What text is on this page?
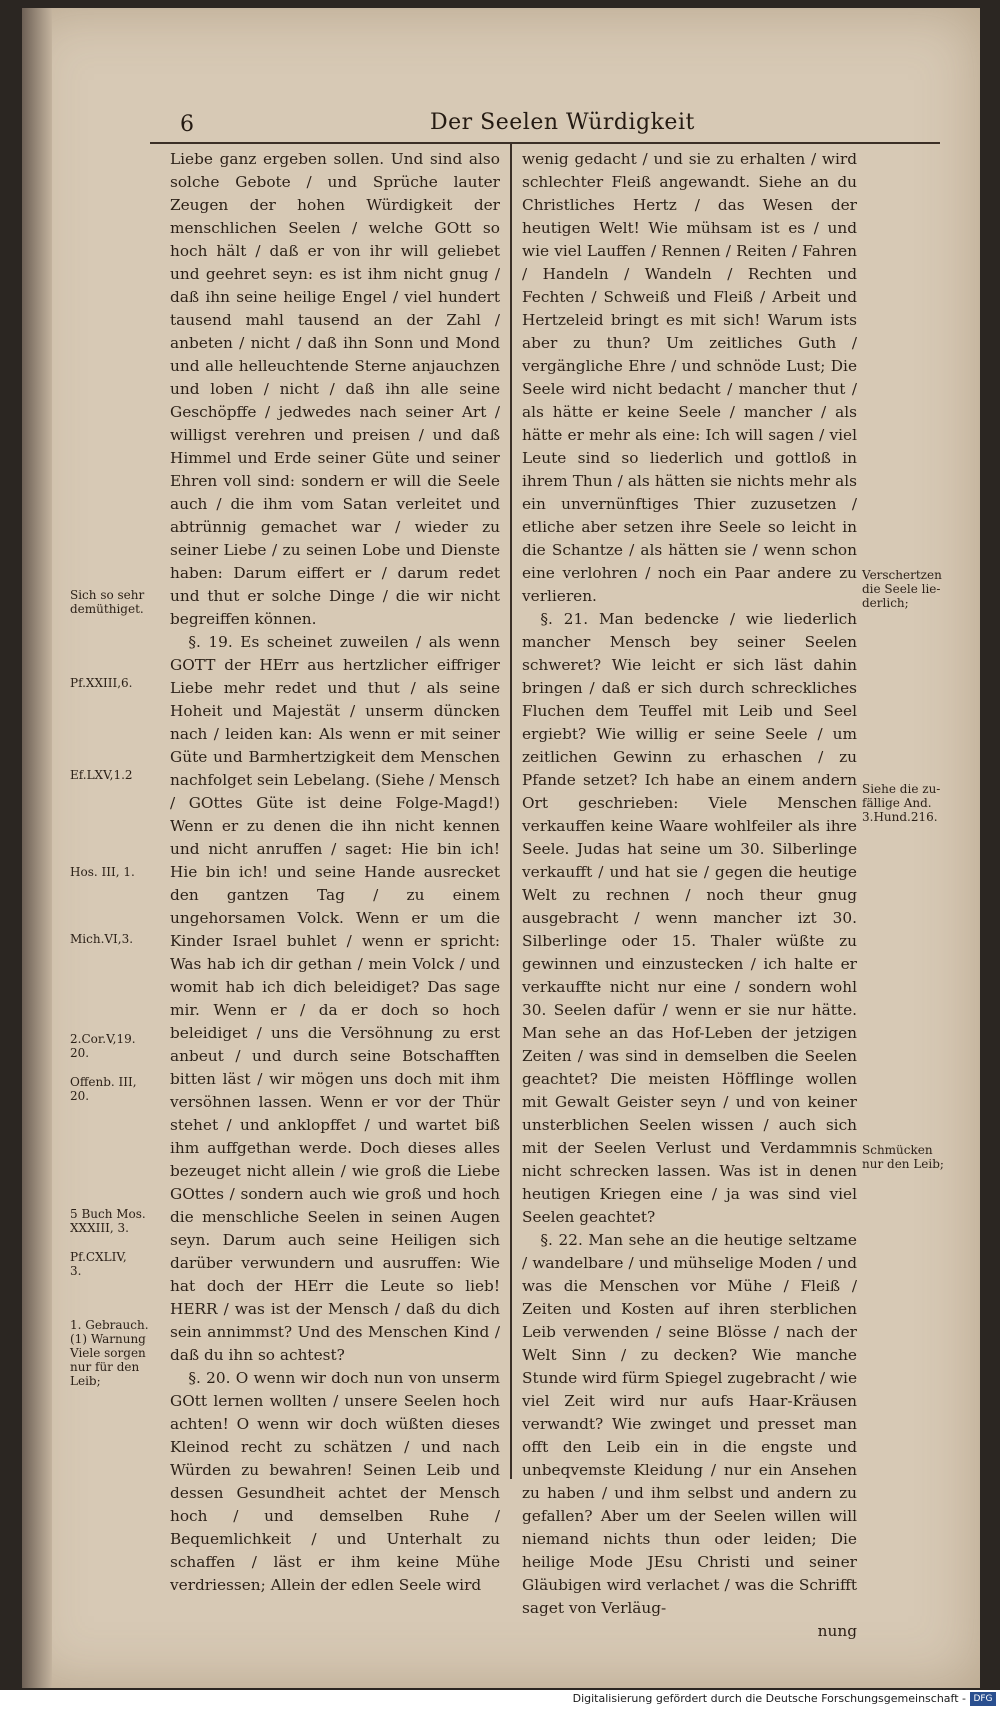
6	Der Seelen Würdigkeit

Liebe ganz ergeben sollen. Und sind also solche Gebote / und Sprüche lauter Zeugen der hohen Würdigkeit der menschlichen Seelen / welche GOtt so hoch hält / daß er von ihr will geliebet und geehret seyn: es ist ihm nicht gnug / daß ihn seine heilige Engel / viel hundert tausend mahl tausend an der Zahl / anbeten / nicht / daß ihn Sonn und Mond und alle helleuchtende Sterne anjauchzen und loben / nicht / daß ihn alle seine Geschöpffe / jedwedes nach seiner Art / willigst verehren und preisen / und daß Himmel und Erde seiner Güte und seiner Ehren voll sind: sondern er will die Seele auch / die ihm vom Satan verleitet und abtrünnig gemachet war / wieder zu seiner Liebe / zu seinen Lobe und Dienste haben: Darum eiffert er / darum redet und thut er solche Dinge / die wir nicht begreiffen können.

§. 19. Es scheinet zuweilen / als wenn GOTT der HErr aus hertzlicher eiffriger Liebe mehr redet und thut / als seine Hoheit und Majestät / unserm düncken nach / leiden kan: Als wenn er mit seiner Güte und Barmhertzigkeit dem Menschen nachfolget sein Lebelang. (Siehe / Mensch / GOttes Güte ist deine Folge-Magd!) Wenn er zu denen die ihn nicht kennen und nicht anruffen / saget: Hie bin ich! Hie bin ich! und seine Hande ausrecket den gantzen Tag / zu einem ungehorsamen Volck. Wenn er um die Kinder Israel buhlet / wenn er spricht: Was hab ich dir gethan / mein Volck / und womit hab ich dich beleidiget? Das sage mir. Wenn er / da er doch so hoch beleidiget / uns die Versöhnung zu erst anbeut / und durch seine Botschafften bitten läst / wir mögen uns doch mit ihm versöhnen lassen. Wenn er vor der Thür stehet / und anklopffet / und wartet biß ihm auffgethan werde. Doch dieses alles bezeuget nicht allein / wie groß die Liebe GOttes / sondern auch wie groß und hoch die menschliche Seelen in seinen Augen seyn. Darum auch seine Heiligen sich darüber verwundern und ausruffen: Wie hat doch der HErr die Leute so lieb! HERR / was ist der Mensch / daß du dich sein annimmst? Und des Menschen Kind / daß du ihn so achtest?

§. 20. O wenn wir doch nun von unserm GOtt lernen wollten / unsere Seelen hoch achten! O wenn wir doch wüßten dieses Kleinod recht zu schätzen / und nach Würden zu bewahren! Seinen Leib und dessen Gesundheit achtet der Mensch hoch / und demselben Ruhe / Bequemlichkeit / und Unterhalt zu schaffen / läst er ihm keine Mühe verdriessen; Allein der edlen Seele wird

wenig gedacht / und sie zu erhalten / wird schlechter Fleiß angewandt. Siehe an du Christliches Hertz / das Wesen der heutigen Welt! Wie mühsam ist es / und wie viel Lauffen / Rennen / Reiten / Fahren / Handeln / Wandeln / Rechten und Fechten / Schweiß und Fleiß / Arbeit und Hertzeleid bringt es mit sich! Warum ists aber zu thun? Um zeitliches Guth / vergängliche Ehre / und schnöde Lust; Die Seele wird nicht bedacht / mancher thut / als hätte er keine Seele / mancher / als hätte er mehr als eine: Ich will sagen / viel Leute sind so liederlich und gottloß in ihrem Thun / als hätten sie nichts mehr als ein unvernünftiges Thier zuzusetzen / etliche aber setzen ihre Seele so leicht in die Schantze / als hätten sie / wenn schon eine verlohren / noch ein Paar andere zu verlieren.

§. 21. Man bedencke / wie liederlich mancher Mensch bey seiner Seelen schweret? Wie leicht er sich läst dahin bringen / daß er sich durch schreckliches Fluchen dem Teuffel mit Leib und Seel ergiebt? Wie willig er seine Seele / um zeitlichen Gewinn zu erhaschen / zu Pfande setzet? Ich habe an einem andern Ort geschrieben: Viele Menschen verkauffen keine Waare wohlfeiler als ihre Seele. Judas hat seine um 30. Silberlinge verkaufft / und hat sie / gegen die heutige Welt zu rechnen / noch theur gnug ausgebracht / wenn mancher izt 30. Silberlinge oder 15. Thaler wüßte zu gewinnen und einzustecken / ich halte er verkauffte nicht nur eine / sondern wohl 30. Seelen dafür / wenn er sie nur hätte. Man sehe an das Hof-Leben der jetzigen Zeiten / was sind in demselben die Seelen geachtet? Die meisten Höfflinge wollen mit Gewalt Geister seyn / und von keiner unsterblichen Seelen wissen / auch sich mit der Seelen Verlust und Verdammnis nicht schrecken lassen. Was ist in denen heutigen Kriegen eine / ja was sind viel Seelen geachtet?

§. 22. Man sehe an die heutige seltzame / wandelbare / und mühselige Moden / und was die Menschen vor Mühe / Fleiß / Zeiten und Kosten auf ihren sterblichen Leib verwenden / seine Blösse / nach der Welt Sinn / zu decken? Wie manche Stunde wird fürm Spiegel zugebracht / wie viel Zeit wird nur aufs Haar-Kräusen verwandt? Wie zwinget und presset man offt den Leib ein in die engste und unbeqvemste Kleidung / nur ein Ansehen zu haben / und ihm selbst und andern zu gefallen? Aber um der Seelen willen will niemand nichts thun oder leiden; Die heilige Mode JEsu Christi und seiner Gläubigen wird verlachet / was die Schrifft saget von Verläug-

nung

Sich so sehr demüthiget.
Pf.XXIII,6.
Ef.LXV,1.2
Hos. III, 1.
Mich.VI,3.
2.Cor.V,19.
20.
Offenb. III,
20.
5 Buch Mos.
XXXIII, 3.
Pf.CXLIV,
3.
1. Gebrauch.
(1) Warnung
Viele sorgen
nur für den
Leib;
Verschertzen
die Seele lie-
derlich;
Siehe die zu-
fällige And.
3.Hund.216.
Schmücken
nur den Leib;
Digitalisierung gefördert durch die Deutsche Forschungsgemeinschaft - DFG
